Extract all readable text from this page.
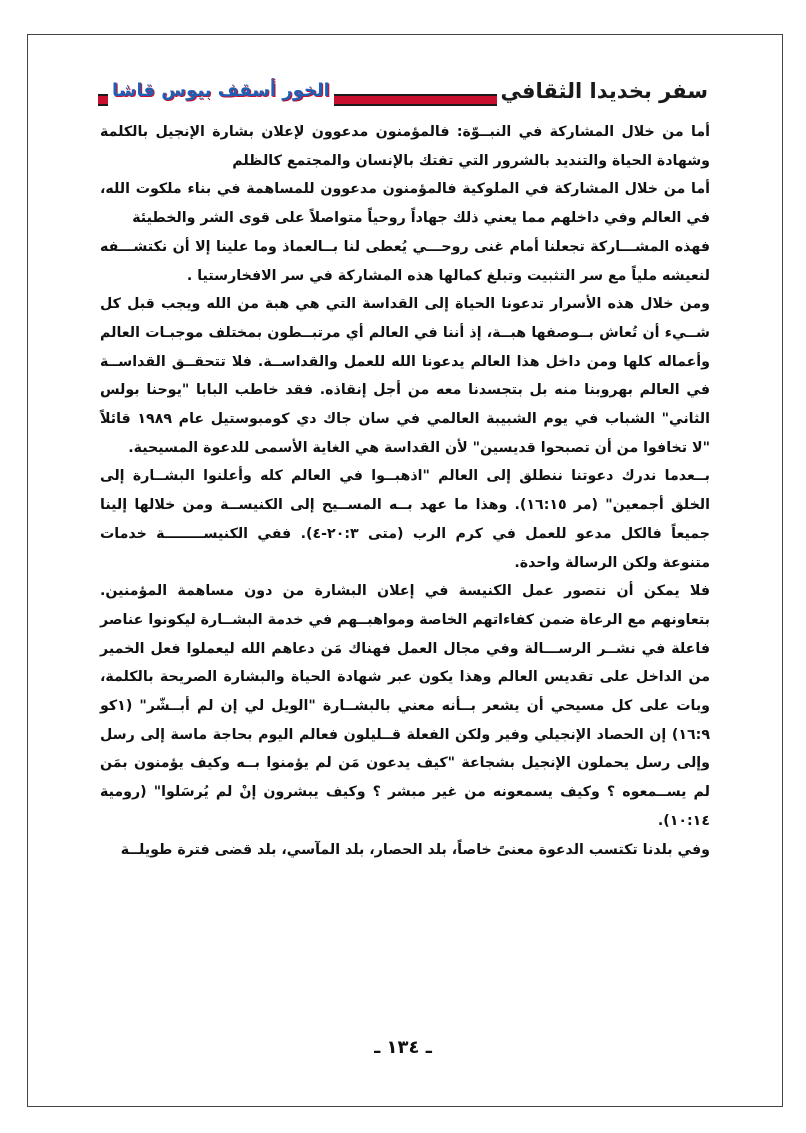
سفر بخديدا الثقافي
الخور أسقف بيوس قاشا

أما من خلال المشاركة في النبــوّة: فالمؤمنون مدعوون لإعلان بشارة الإنجيل بالكلمة وشهادة الحياة والتنديد بالشرور التي تفتك بالإنسان والمجتمع كالظلم

أما من خلال المشاركة في الملوكية فالمؤمنون مدعوون للمساهمة في بناء ملكوت الله، في العالم وفي داخلهم مما يعني ذلك جهاداً روحياً متواصلاً على قوى الشر والخطيئة

فهذه المشـــاركة تجعلنا أمام غنى روحـــي يُعطى لنا بــالعماذ وما علينا إلا أن نكتشـــفه لنعيشه ملياً مع سر التثبيت وتبلغ كمالها هذه المشاركة في سر الافخارستيا .

ومن خلال هذه الأسرار تدعونا الحياة إلى القداسة التي هي هبة من الله ويجب قبل كل شــيء أن تُعاش بــوصفها هبــة، إذ أننا في العالم أي مرتبــطون بمختلف موجبـات العالم وأعماله كلها ومن داخل هذا العالم يدعونا الله للعمل والقداســة. فلا تتحقــق القداســة في العالم بهروبنا منه بل بتجسدنا معه من أجل إنقاذه. فقد خاطب البابا "يوحنا بولس الثاني" الشباب في يوم الشبيبة العالمي في سان جاك دي كومبوستيل عام ١٩٨٩ قائلاً "لا تخافوا من أن تصبحوا قديسين" لأن القداسة هي الغاية الأسمى للدعوة المسيحية.

بــعدما ندرك دعوتنا ننطلق إلى العالم "اذهبــوا في العالم كله وأعلنوا البشــارة إلى الخلق أجمعين" (مر ١٦:١٥). وهذا ما عهد بــه المســيح إلى الكنيســة ومن خلالها إلينا جميعاً فالكل مدعو للعمل في كرم الرب (متى ٢٠:٣-٤). ففي الكنيســــــــة خدمات متنوعة ولكن الرسالة واحدة.

فلا يمكن أن نتصور عمل الكنيسة في إعلان البشارة من دون مساهمة المؤمنين. بتعاونهم مع الرعاة ضمن كفاءاتهم الخاصة ومواهبــهم في خدمة البشــارة ليكونوا عناصر فاعلة في نشــر الرســـالة وفي مجال العمل فهناك مَن دعاهم الله ليعملوا فعل الخمير من الداخل على تقديس العالم وهذا يكون عبر شهادة الحياة والبشارة الصريحة بالكلمة، وبات على كل مسيحي أن يشعر بــأنه معني بالبشــارة "الويل لي إن لم أبــشّر" (١كو ١٦:٩) إن الحصاد الإنجيلي وفير ولكن الفعلة قــليلون فعالم اليوم بحاجة ماسة إلى رسل وإلى رسل يحملون الإنجيل بشجاعة "كيف يدعون مَن لم يؤمنوا بــه وكيف يؤمنون بمَن لم يســمعوه ؟ وكيف يسمعونه من غير مبشر ؟ وكيف يبشرون إنْ لم يُرسَلوا" (رومية ١٠:١٤).

وفي بلدنا تكتسب الدعوة معنىً خاصاً، بلد الحصار، بلد المآسي، بلد قضى فترة طويلــة

ـ ١٣٤ ـ
